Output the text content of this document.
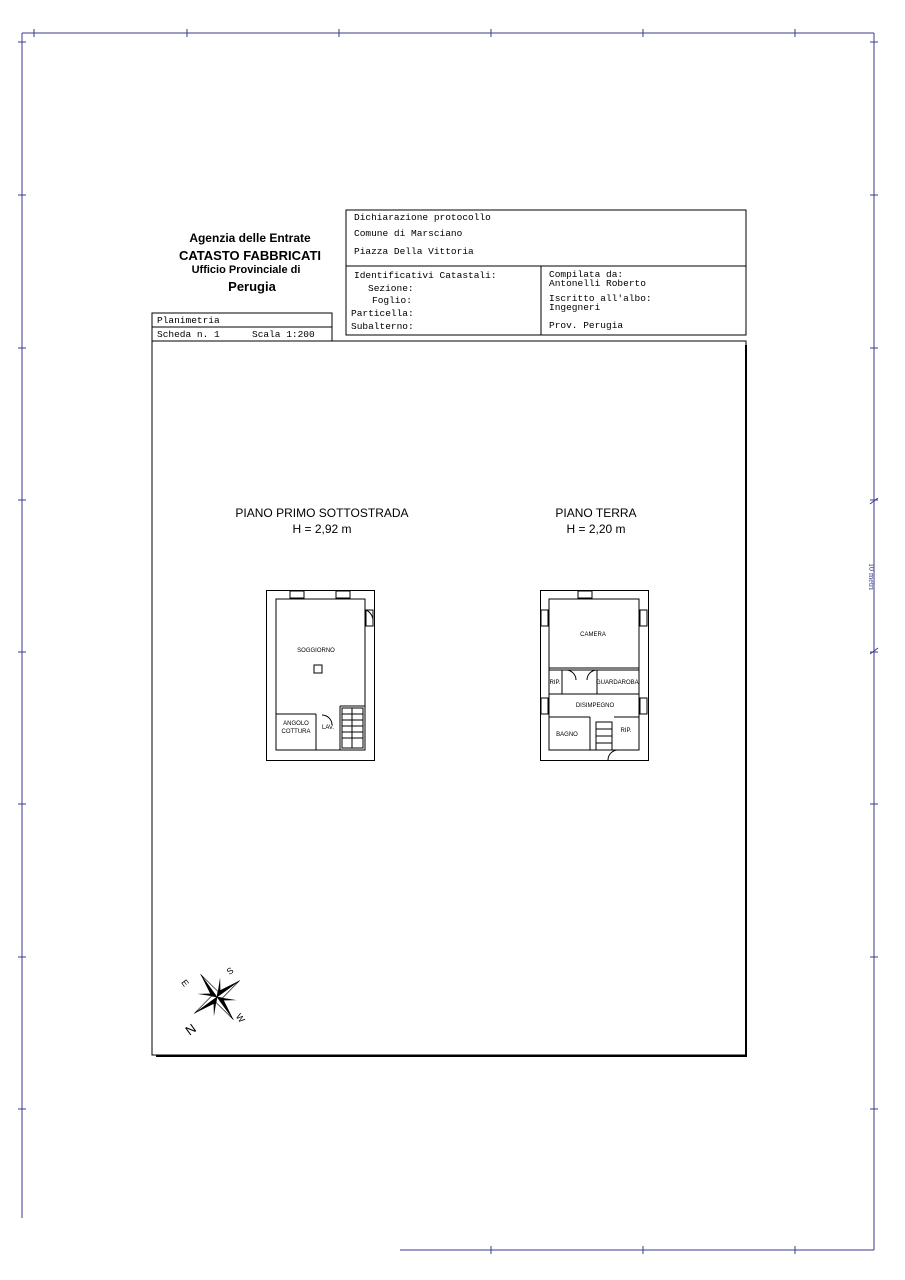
Agenzia delle Entrate
CATASTO FABBRICATI
Ufficio Provinciale di
Perugia
Dichiarazione protocollo
Comune di Marsciano
Piazza Della Vittoria
Identificativi Catastali:
Sezione:
Foglio:
Particella:
Subalterno:
Compilata da:
Antonelli Roberto
Iscritto all'albo:
Ingegneri
Prov. Perugia
Planimetria
Scheda n. 1	Scala 1:200
PIANO PRIMO SOTTOSTRADA
H = 2,92 m
PIANO TERRA
H = 2,20 m
SOGGIORNO
ANGOLO
COTTURA
LAV.
CAMERA
RIP.	GUARDAROBA
DISIMPEGNO
BAGNO
RIP.
N
S
E
W
10 metri
